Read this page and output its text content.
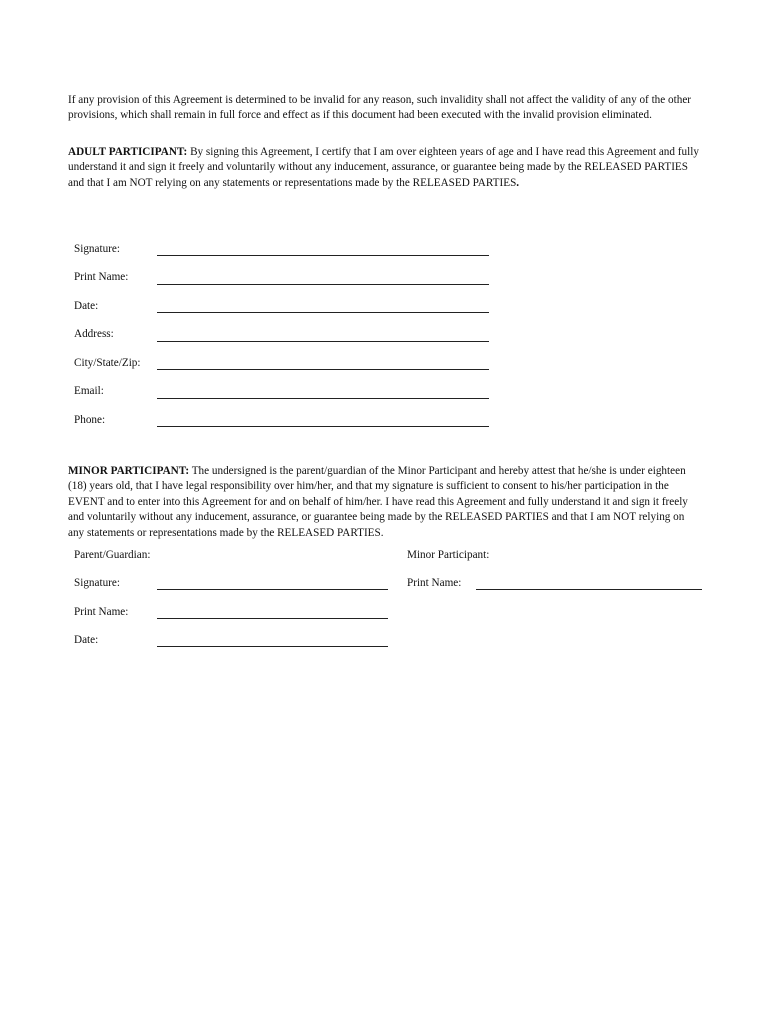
If any provision of this Agreement is determined to be invalid for any reason, such invalidity shall not affect the validity of any of the other provisions, which shall remain in full force and effect as if this document had been executed with the invalid provision eliminated.

ADULT PARTICIPANT: By signing this Agreement, I certify that I am over eighteen years of age and I have read this Agreement and fully understand it and sign it freely and voluntarily without any inducement, assurance, or guarantee being made by the RELEASED PARTIES and that I am NOT relying on any statements or representations made by the RELEASED PARTIES.

Signature:
Print Name:
Date:
Address:
City/State/Zip:
Email:
Phone:

MINOR PARTICIPANT: The undersigned is the parent/guardian of the Minor Participant and hereby attest that he/she is under eighteen (18) years old, that I have legal responsibility over him/her, and that my signature is sufficient to consent to his/her participation in the EVENT and to enter into this Agreement for and on behalf of him/her. I have read this Agreement and fully understand it and sign it freely and voluntarily without any inducement, assurance, or guarantee being made by the RELEASED PARTIES and that I am NOT relying on any statements or representations made by the RELEASED PARTIES.

Parent/Guardian:	Minor Participant:
Signature:	Print Name:
Print Name:
Date:
